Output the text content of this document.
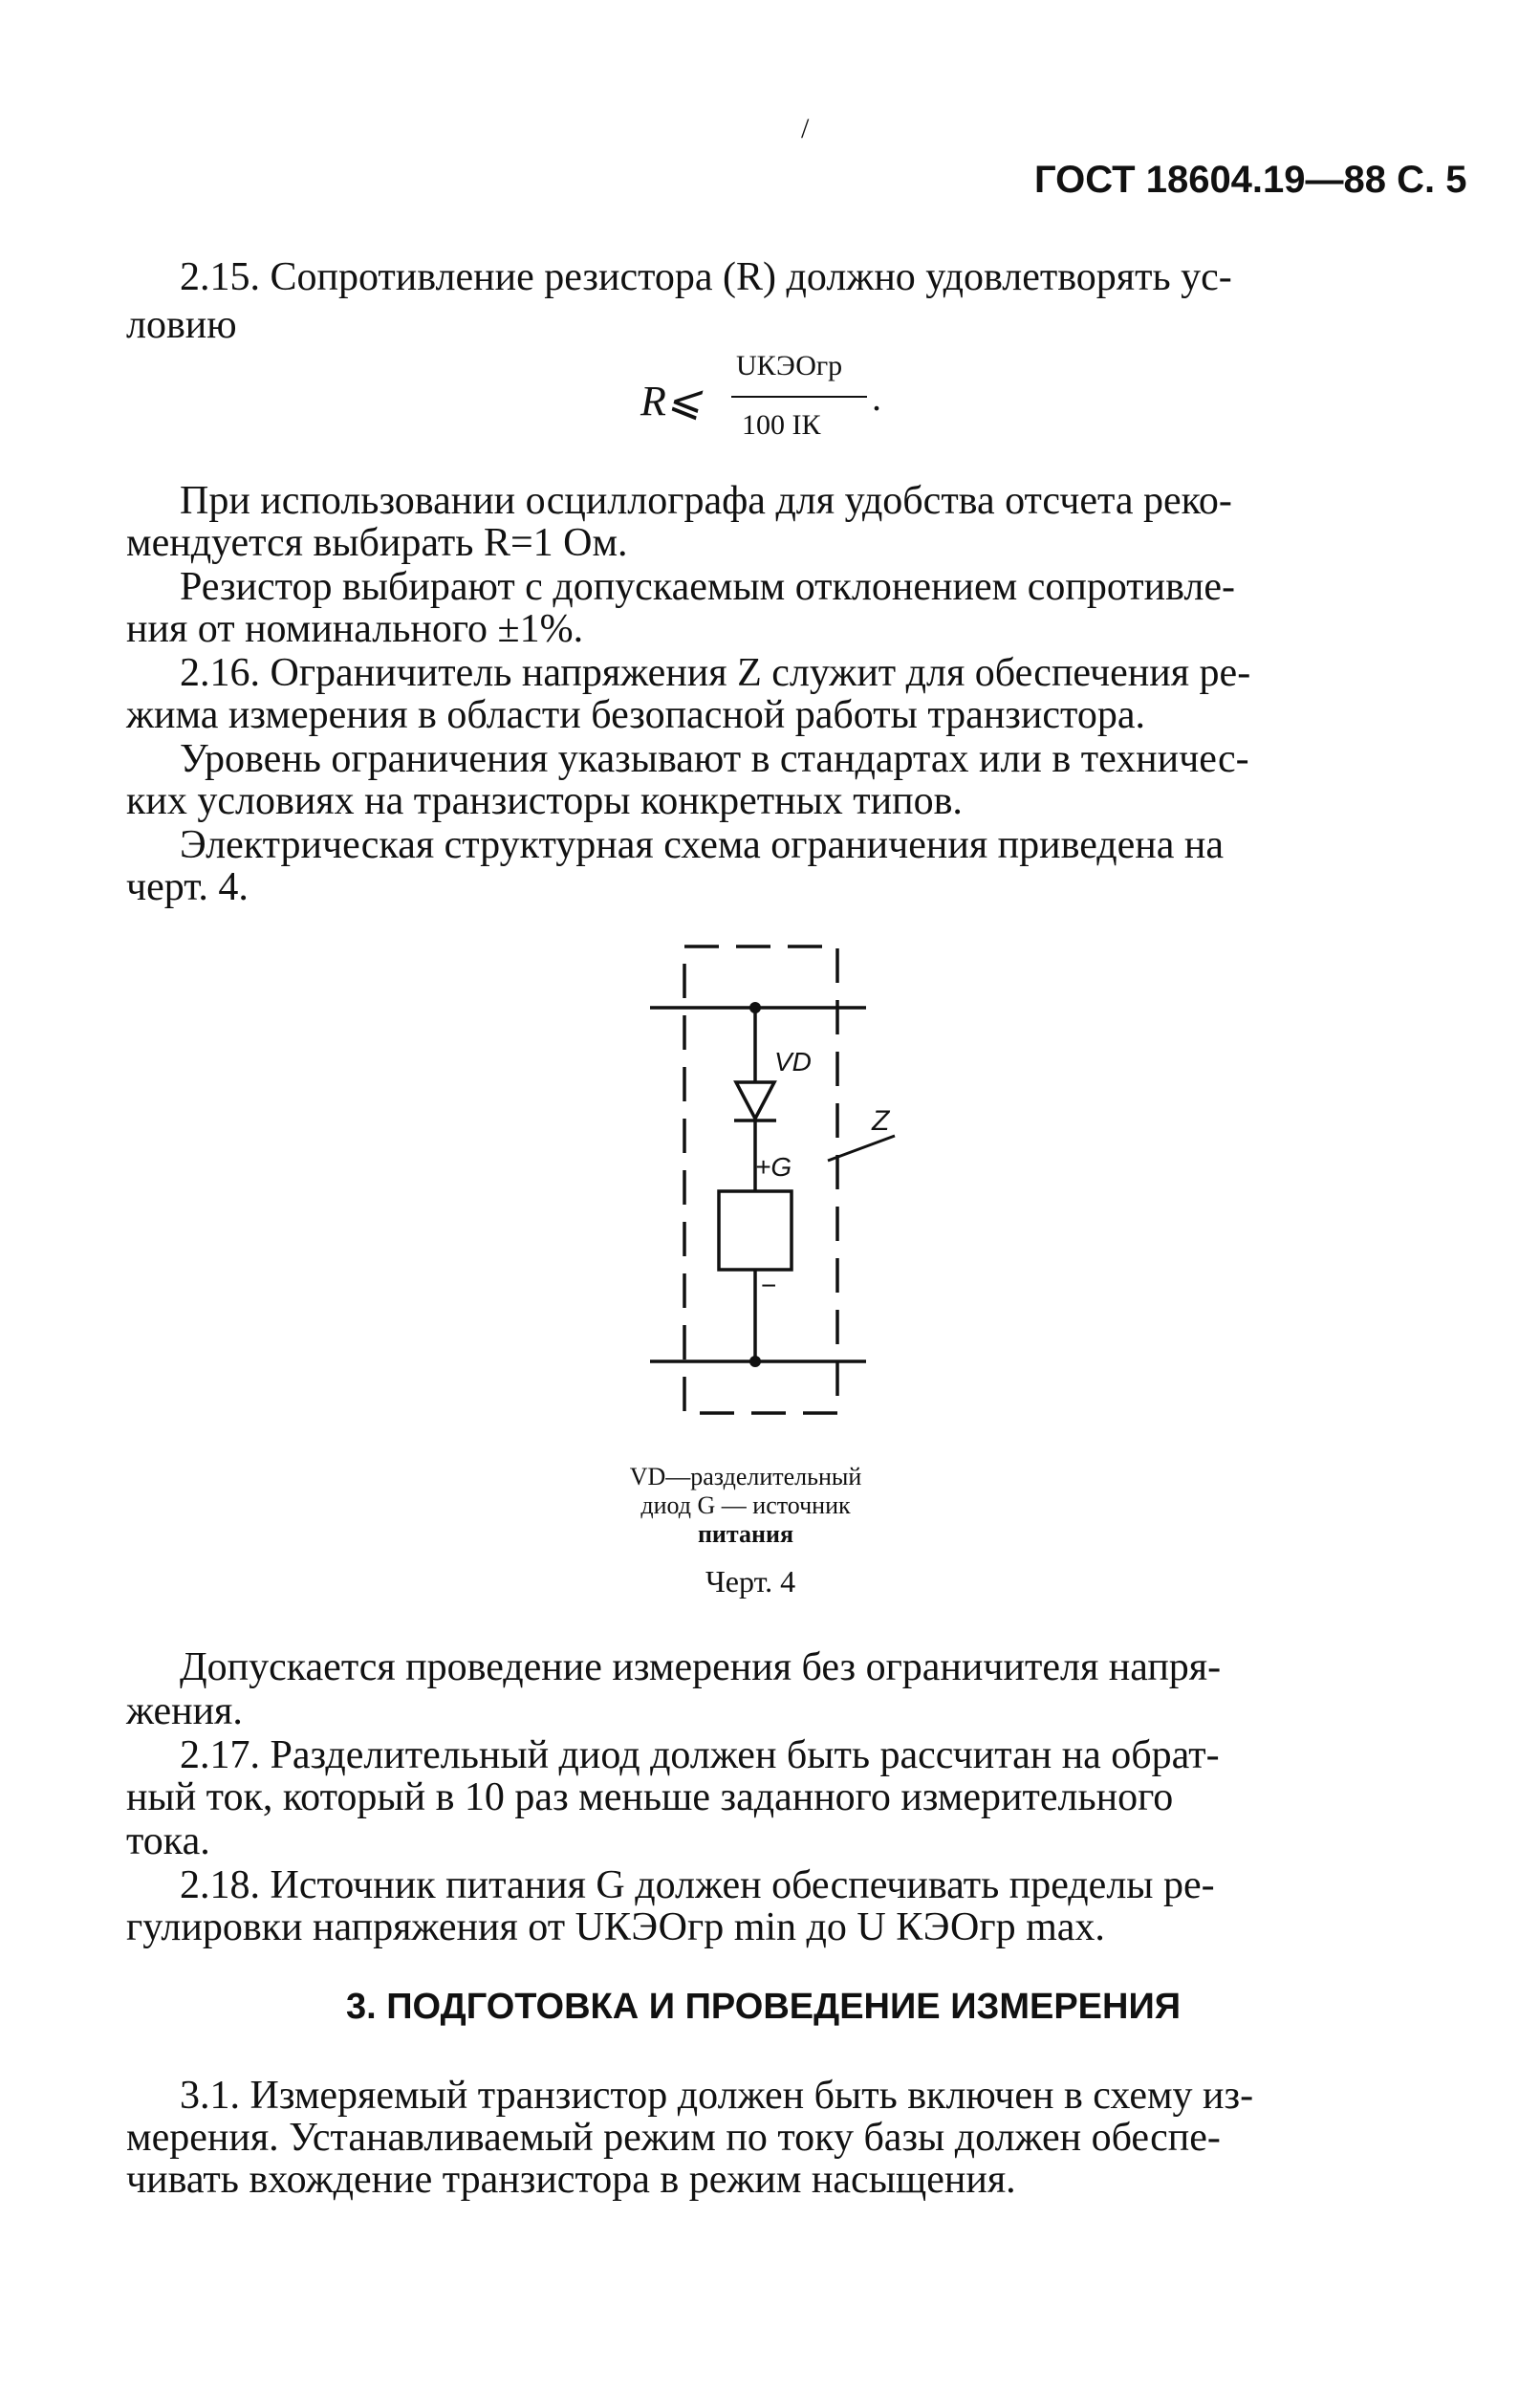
/
ГОСТ 18604.19—88 С. 5
2.15. Сопротивление резистора (R) должно удовлетворять ус-
ловию
R⩽
UКЭОгр
100 IК
.
При использовании осциллографа для удобства отсчета реко-
мендуется выбирать R=1 Ом.
Резистор выбирают с допускаемым отклонением сопротивле-
ния от номинального ±1%.
2.16. Ограничитель напряжения Z служит для обеспечения ре-
жима измерения в области безопасной работы транзистора.
Уровень ограничения указывают в стандартах или в техничес-
ких условиях на транзисторы конкретных типов.
Электрическая структурная схема ограничения приведена на
черт. 4.
VD
Z
+G
−
VD—разделительный
диод G — источник
питания
Черт. 4
Допускается проведение измерения без ограничителя напря-
жения.
2.17. Разделительный диод должен быть рассчитан на обрат-
ный ток, который в 10 раз меньше заданного измерительного
тока.
2.18. Источник питания G должен обеспечивать пределы ре-
гулировки напряжения от UКЭОгр min до U КЭОгр max.
3. ПОДГОТОВКА И ПРОВЕДЕНИЕ ИЗМЕРЕНИЯ
3.1. Измеряемый транзистор должен быть включен в схему из-
мерения. Устанавливаемый режим по току базы должен обеспе-
чивать вхождение транзистора в режим насыщения.
